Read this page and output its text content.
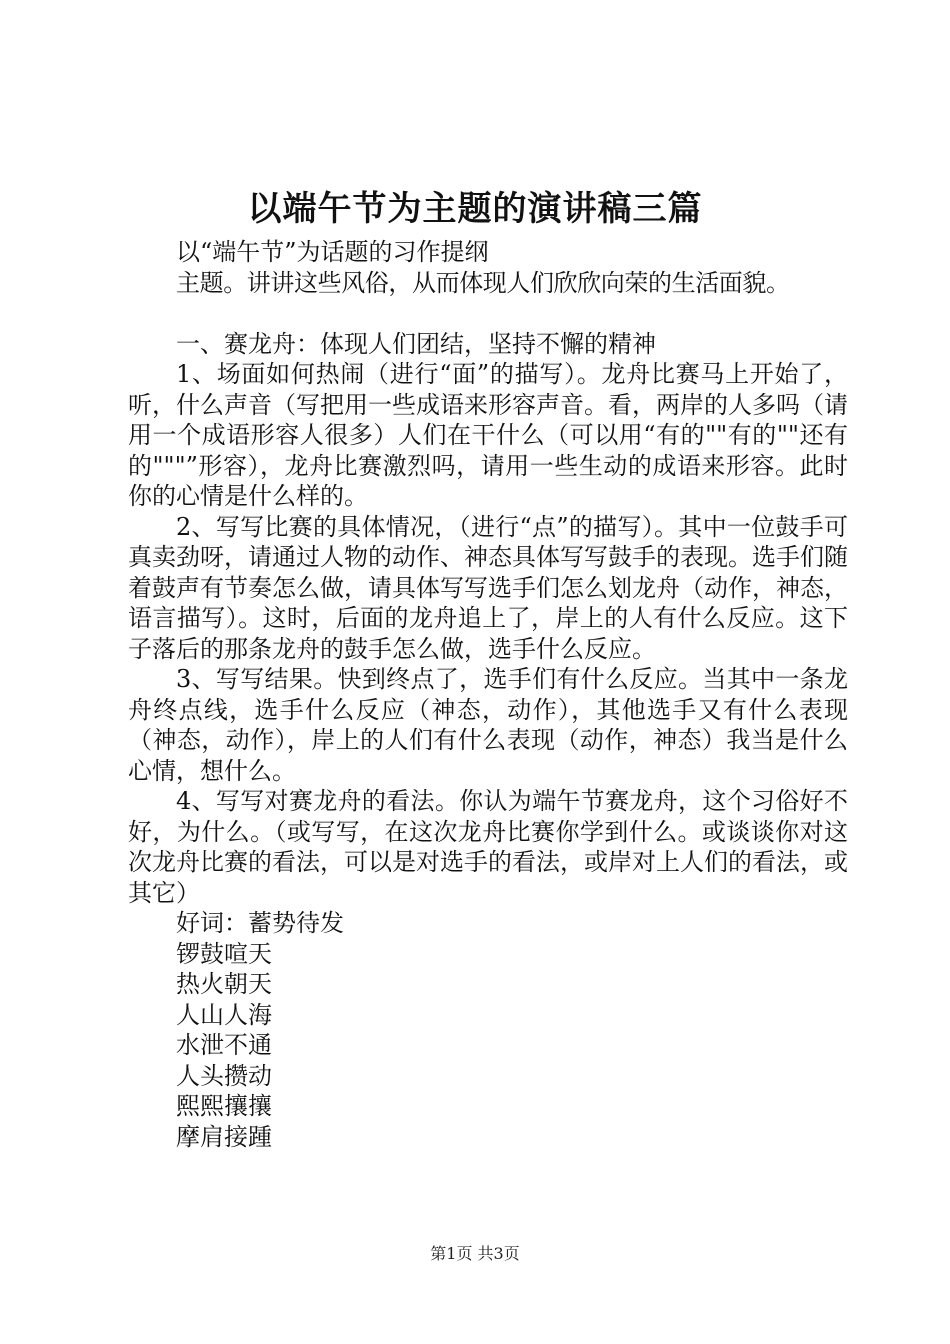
以端午节为主题的演讲稿三篇

以“端午节”为话题的习作提纲

主题。讲讲这些风俗，从而体现人们欣欣向荣的生活面貌。

一、赛龙舟：体现人们团结，坚持不懈的精神

1、场面如何热闹（进行“面”的描写）。龙舟比赛马上开始了，听，什么声音（写把用一些成语来形容声音。看，两岸的人多吗（请用一个成语形容人很多）人们在干什么（可以用“有的""有的""还有的"""”形容），龙舟比赛激烈吗，请用一些生动的成语来形容。此时你的心情是什么样的。

2、写写比赛的具体情况，（进行“点”的描写）。其中一位鼓手可真卖劲呀，请通过人物的动作、神态具体写写鼓手的表现。选手们随着鼓声有节奏怎么做，请具体写写选手们怎么划龙舟（动作，神态，语言描写）。这时，后面的龙舟追上了，岸上的人有什么反应。这下子落后的那条龙舟的鼓手怎么做，选手什么反应。

3、写写结果。快到终点了，选手们有什么反应。当其中一条龙舟终点线，选手什么反应（神态，动作），其他选手又有什么表现（神态，动作），岸上的人们有什么表现（动作，神态）我当是什么心情，想什么。

4、写写对赛龙舟的看法。你认为端午节赛龙舟，这个习俗好不好，为什么。（或写写，在这次龙舟比赛你学到什么。或谈谈你对这次龙舟比赛的看法，可以是对选手的看法，或岸对上人们的看法，或其它）

好词：蓄势待发

锣鼓喧天

热火朝天

人山人海

水泄不通

人头攒动

熙熙攘攘

摩肩接踵

第1页 共3页
